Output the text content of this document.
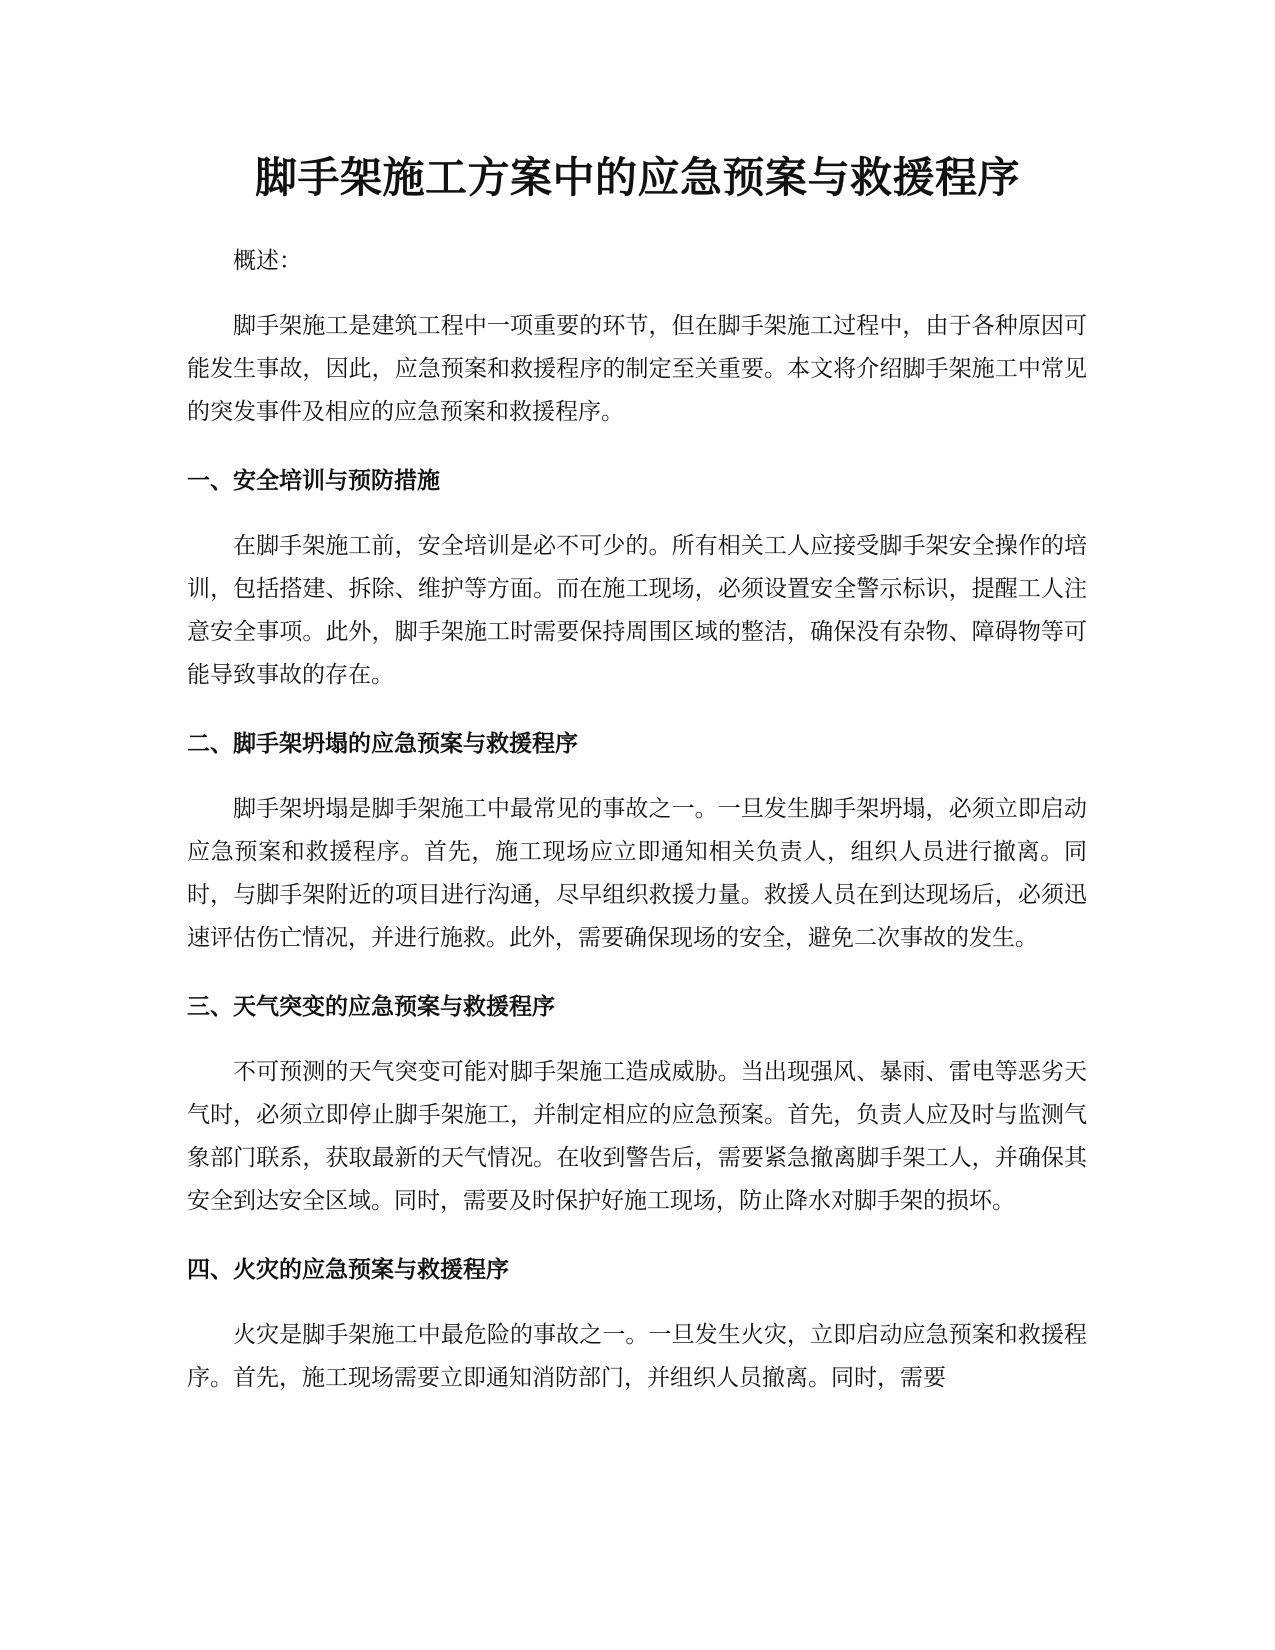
脚手架施工方案中的应急预案与救援程序

概述：

脚手架施工是建筑工程中一项重要的环节，但在脚手架施工过程中，由于各种原因可能发生事故，因此，应急预案和救援程序的制定至关重要。本文将介绍脚手架施工中常见的突发事件及相应的应急预案和救援程序。

一、安全培训与预防措施

在脚手架施工前，安全培训是必不可少的。所有相关工人应接受脚手架安全操作的培训，包括搭建、拆除、维护等方面。而在施工现场，必须设置安全警示标识，提醒工人注意安全事项。此外，脚手架施工时需要保持周围区域的整洁，确保没有杂物、障碍物等可能导致事故的存在。

二、脚手架坍塌的应急预案与救援程序

脚手架坍塌是脚手架施工中最常见的事故之一。一旦发生脚手架坍塌，必须立即启动应急预案和救援程序。首先，施工现场应立即通知相关负责人，组织人员进行撤离。同时，与脚手架附近的项目进行沟通，尽早组织救援力量。救援人员在到达现场后，必须迅速评估伤亡情况，并进行施救。此外，需要确保现场的安全，避免二次事故的发生。

三、天气突变的应急预案与救援程序

不可预测的天气突变可能对脚手架施工造成威胁。当出现强风、暴雨、雷电等恶劣天气时，必须立即停止脚手架施工，并制定相应的应急预案。首先，负责人应及时与监测气象部门联系，获取最新的天气情况。在收到警告后，需要紧急撤离脚手架工人，并确保其安全到达安全区域。同时，需要及时保护好施工现场，防止降水对脚手架的损坏。

四、火灾的应急预案与救援程序

火灾是脚手架施工中最危险的事故之一。一旦发生火灾，立即启动应急预案和救援程序。首先，施工现场需要立即通知消防部门，并组织人员撤离。同时，需要
